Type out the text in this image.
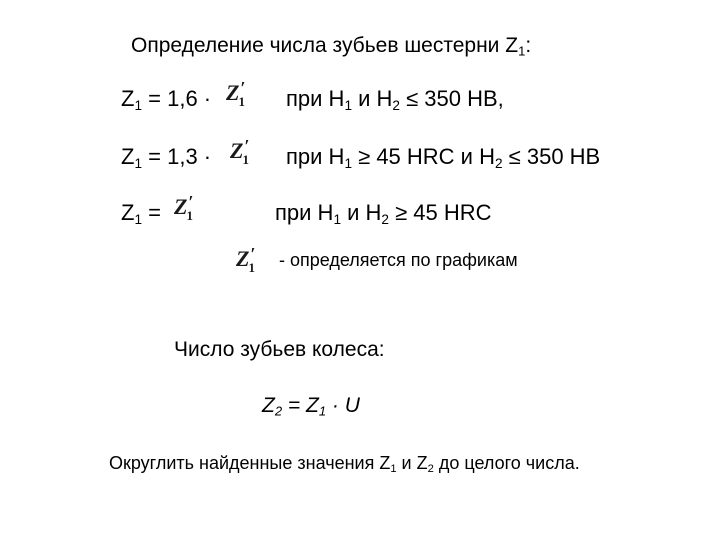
Определение числа зубьев шестерни $Z_1$:
$Z_1 = 1,6 \cdot Z'_1$ при $H_1$ и $H_2 \le 350$ HB,
$Z_1 = 1,3 \cdot Z'_1$ при $H_1 \ge 45$ HRC и $H_2 \le 350$ HB
$Z_1 = Z'_1$	при $H_1$ и $H_2 \ge 45$ HRC
$Z'_1$	- определяется по графикам
Число зубьев колеса:
$Z_2 = Z_1 \cdot U$
Округлить найденные значения $Z_1$ и $Z_2$ до целого числа.
